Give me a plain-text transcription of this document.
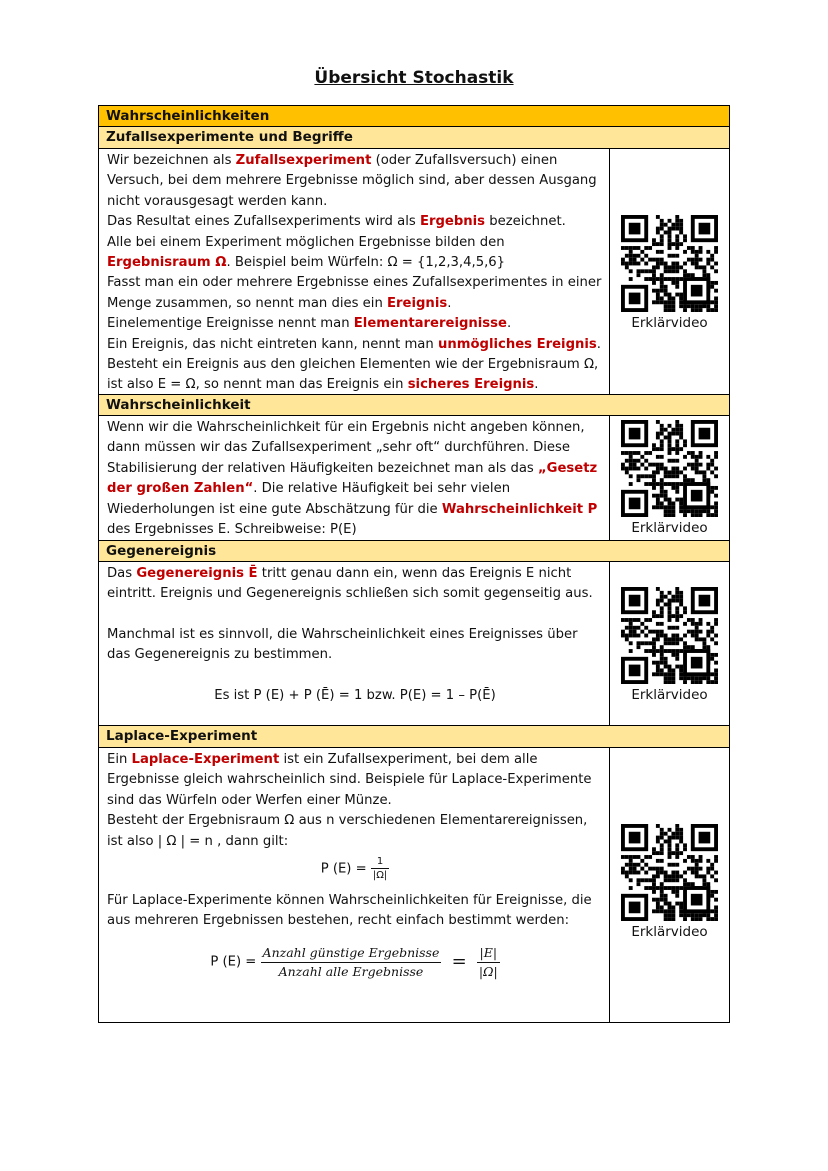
Übersicht Stochastik
Wahrscheinlichkeiten
Zufallsexperimente und Begriffe
Wir bezeichnen als Zufallsexperiment (oder Zufallsversuch) einen Versuch, bei dem mehrere Ergebnisse möglich sind, aber dessen Ausgang nicht vorausgesagt werden kann.
Das Resultat eines Zufallsexperiments wird als Ergebnis bezeichnet.
Alle bei einem Experiment möglichen Ergebnisse bilden den Ergebnisraum Ω. Beispiel beim Würfeln: Ω = {1,2,3,4,5,6}
Fasst man ein oder mehrere Ergebnisse eines Zufallsexperimentes in einer Menge zusammen, so nennt man dies ein Ereignis.
Einelementige Ereignisse nennt man Elementarereignisse.
Ein Ereignis, das nicht eintreten kann, nennt man unmögliches Ereignis.
Besteht ein Ereignis aus den gleichen Elementen wie der Ergebnisraum Ω, ist also E = Ω, so nennt man das Ereignis ein sicheres Ereignis.
Erklärvideo
Wahrscheinlichkeit
Wenn wir die Wahrscheinlichkeit für ein Ergebnis nicht angeben können, dann müssen wir das Zufallsexperiment „sehr oft“ durchführen. Diese Stabilisierung der relativen Häufigkeiten bezeichnet man als das „Gesetz der großen Zahlen“. Die relative Häufigkeit bei sehr vielen Wiederholungen ist eine gute Abschätzung für die Wahrscheinlichkeit P des Ergebnisses E. Schreibweise: P(E)	Erklärvideo
Gegenereignis
Das Gegenereignis Ē tritt genau dann ein, wenn das Ereignis E nicht eintritt. Ereignis und Gegenereignis schließen sich somit gegenseitig aus.
Manchmal ist es sinnvoll, die Wahrscheinlichkeit eines Ereignisses über das Gegenereignis zu bestimmen.
Es ist P (E) + P (Ē) = 1 bzw. P(E) = 1 – P(Ē)	Erklärvideo
Laplace-Experiment
Ein Laplace-Experiment ist ein Zufallsexperiment, bei dem alle Ergebnisse gleich wahrscheinlich sind. Beispiele für Laplace-Experimente sind das Würfeln oder Werfen einer Münze.
Besteht der Ergebnisraum Ω aus n verschiedenen Elementarereignissen, ist also | Ω | = n , dann gilt:
P $(E) = \frac{1}{|\Omega|}$
Für Laplace-Experimente können Wahrscheinlichkeiten für Ereignisse, die aus mehreren Ergebnissen bestehen, recht einfach bestimmt werden:
P $(E) = \frac{\text{Anzahl günstige Ergebnisse}}{\text{Anzahl alle Ergebnisse}} = \frac{|E|}{|\Omega|}$
Erklärvideo
